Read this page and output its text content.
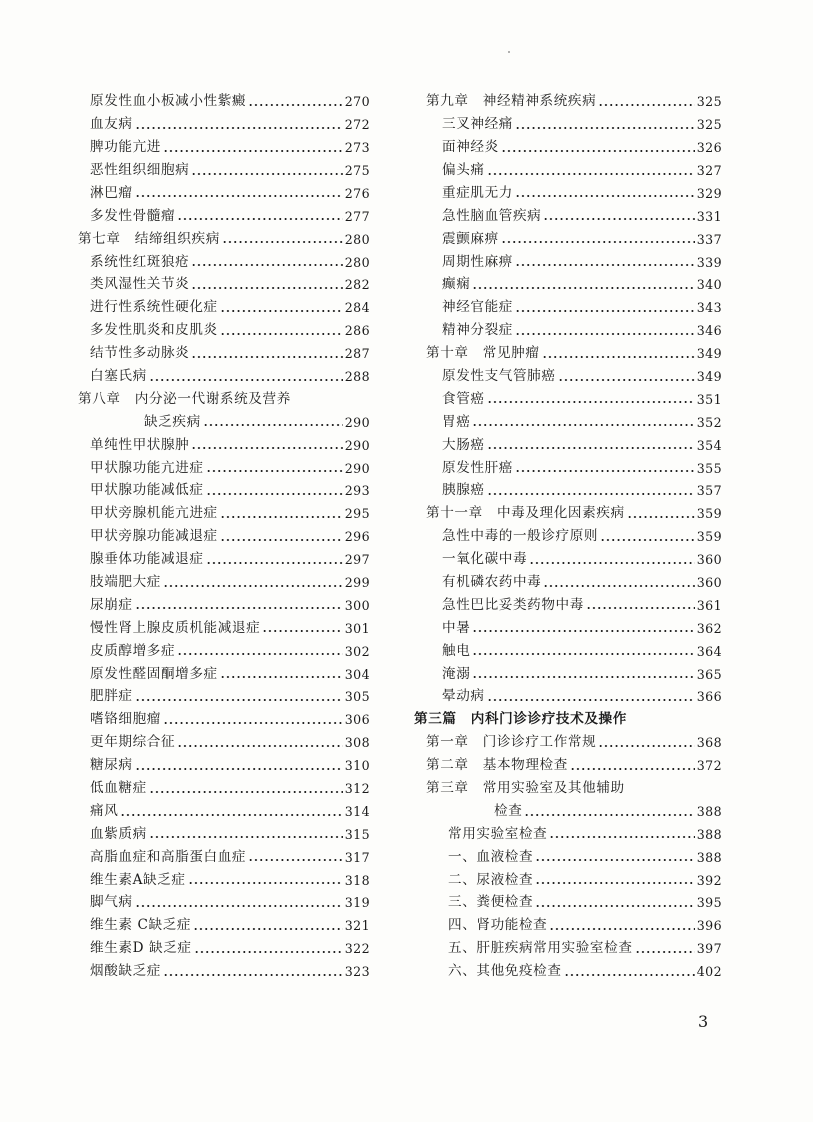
原发性血小板减小性紫癜	270
血友病	272
脾功能亢进	273
恶性组织细胞病	275
淋巴瘤	276
多发性骨髓瘤	277
第七章　结缔组织疾病	280
系统性红斑狼疮	280
类风湿性关节炎	282
进行性系统性硬化症	284
多发性肌炎和皮肌炎	286
结节性多动脉炎	287
白塞氏病	288
第八章　内分泌一代谢系统及营养
缺乏疾病	290
单纯性甲状腺肿	290
甲状腺功能亢进症	290
甲状腺功能减低症	293
甲状旁腺机能亢进症	295
甲状旁腺功能减退症	296
腺垂体功能减退症	297
肢端肥大症	299
尿崩症	300
慢性肾上腺皮质机能减退症	301
皮质醇增多症	302
原发性醛固酮增多症	304
肥胖症	305
嗜铬细胞瘤	306
更年期综合征	308
糖尿病	310
低血糖症	312
痛风	314
血紫质病	315
高脂血症和高脂蛋白血症	317
维生素A缺乏症	318
脚气病	319
维生素 C缺乏症	321
维生素D 缺乏症	322
烟酸缺乏症	323
第九章　神经精神系统疾病	325
三叉神经痛	325
面神经炎	326
偏头痛	327
重症肌无力	329
急性脑血管疾病	331
震颤麻痹	337
周期性麻痹	339
癫痫	340
神经官能症	343
精神分裂症	346
第十章　常见肿瘤	349
原发性支气管肺癌	349
食管癌	351
胃癌	352
大肠癌	354
原发性肝癌	355
胰腺癌	357
第十一章　中毒及理化因素疾病	359
急性中毒的一般诊疗原则	359
一氧化碳中毒	360
有机磷农药中毒	360
急性巴比妥类药物中毒	361
中暑	362
触电	364
淹溺	365
晕动病	366
第三篇　内科门诊诊疗技术及操作
第一章　门诊诊疗工作常规	368
第二章　基本物理检查	372
第三章　常用实验室及其他辅助
检查	388
常用实验室检查	388
一、血液检查	388
二、尿液检查	392
三、粪便检查	395
四、肾功能检查	396
五、肝脏疾病常用实验室检查	397
六、其他免疫检查	402
3
